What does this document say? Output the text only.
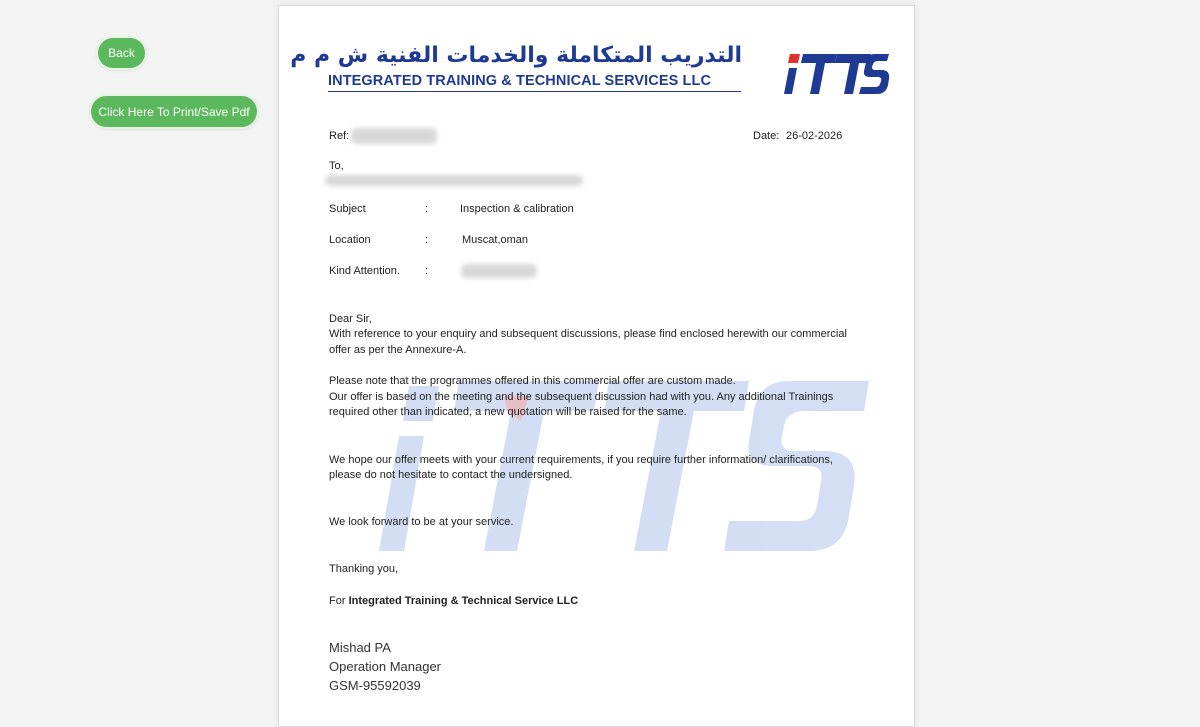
Back
Click Here To Print/Save Pdf
التدريب المتكاملة والخدمات الفنية ش م م
INTEGRATED TRAINING & TECHNICAL SERVICES LLC
Ref:	Date: 26-02-2026
To,
Subject	:	Inspection & calibration
Location	:	Muscat,oman
Kind Attention. :
Dear Sir,
With reference to your enquiry and subsequent discussions, please find enclosed herewith our commercial
offer as per the Annexure-A.
Please note that the programmes offered in this commercial offer are custom made.
Our offer is based on the meeting and the subsequent discussion had with you. Any additional Trainings
required other than indicated, a new quotation will be raised for the same.
We hope our offer meets with your current requirements, if you require further information/ clarifications,
please do not hesitate to contact the undersigned.
We look forward to be at your service.
Thanking you,
For Integrated Training & Technical Service LLC
Mishad PA
Operation Manager
GSM-95592039
